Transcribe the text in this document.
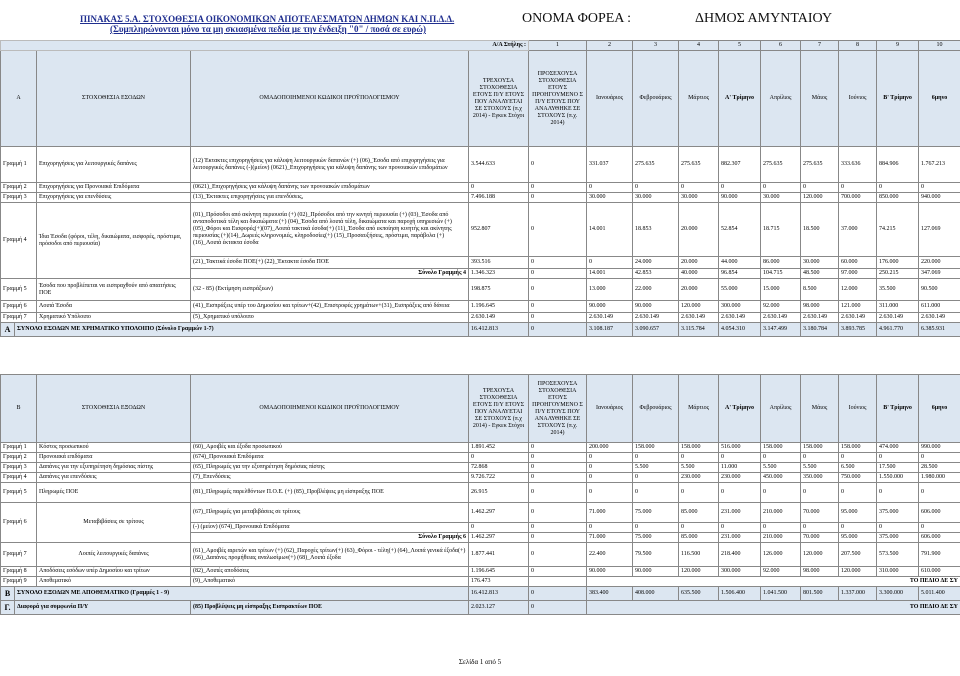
ΠΙΝΑΚΑΣ 5.Α. ΣΤΟΧΟΘΕΣΙΑ ΟΙΚΟΝΟΜΙΚΩΝ ΑΠΟΤΕΛΕΣΜΑΤΩΝ ΔΗΜΩΝ ΚΑΙ Ν.Π.Δ.Δ.
(Συμπληρώνονται μόνο τα μη σκιασμένα πεδία με την ένδειξη "0" / ποσά σε ευρώ)
ΟΝΟΜΑ ΦΟΡΕΑ :	ΔΗΜΟΣ ΑΜΥΝΤΑΙΟΥ
Α/Α Στήλης :					1	2	3	4	5	6	7	8	9	10
Α		ΣΤΟΧΟΘΕΣΙΑ ΕΣΟΔΩΝ	ΟΜΑΔΟΠΟΙΗΜΕΝΟΙ ΚΩΔΙΚΟΙ ΠΡΟΫΠΟΛΟΓΙΣΜΟΥ	ΤΡΕΧΟΥΣΑ ΣΤΟΧΟΘΕΣΙΑ ΕΤΟΥΣ Π/Υ ΕΤΟΥΣ ΠΟΥ ΑΝΑΛΥΕΤΑΙ ΣΕ ΣΤΟΧΟΥΣ (π.χ 2014) - Εγκεκ Στόχοι	ΠΡΟΣΕΧΟΥΣΑ ΣΤΟΧΟΘΕΣΙΑ ΕΤΟΥΣ ΠΡΟΗΓΟΥΜΕΝΟ Σ Π/Υ ΕΤΟΥΣ ΠΟΥ ΑΝΑΛΥΘΗΚΕ ΣΕ ΣΤΟΧΟΥΣ (π.χ. 2014)	Ιανουάριος	Φεβρουάριος	Μάρτιος	Α' Τρίμηνο	Απρίλιος	Μάιος	Ιούνιος	Β' Τρίμηνο	6μηνο
Γραμμή 1		Επιχορηγήσεις για λειτουργικές δαπάνες	(12) Έκτακτες επιχορηγήσεις για κάλυψη λειτουργικών δαπανών (+) (06)_Έσοδα από επιχορηγήσεις για λειτουργικές δαπάνες (-)(μείον) (0621)_Επιχορηγήσεις για κάλυψη δαπάνης των προνοιακών επιδομάτων	3.544.633	0	331.037	275.635	275.635	882.307	275.635	275.635	333.636	884.906	1.767.213
Γραμμή 2		Επιχορηγήσεις για Προνοιακά Επιδόματα	(0621)_Επιχορηγήσεις για κάλυψη δαπάνης των προνοιακών επιδομάτων	0	0	0	0	0	0	0	0	0	0	0
Γραμμή 3		Επιχορηγήσεις για επενδύσεις	(13)_Έκτακτες επιχορηγήσεις για επενδύσεις,	7.496.188	0	30.000	30.000	30.000	90.000	30.000	120.000	700.000	850.000	940.000
Γραμμή 4		Ίδια Έσοδα (φόροι, τέλη, δικαιώματα, εισφορές, πρόστιμα, πρόσοδοι από περιουσία)	(01)_Πρόσοδοι από ακίνητη περιουσία (+) (02)_Πρόσοδοι από την κινητή περιουσία (+) (03)_Έσοδα από ανταποδοτικά τέλη και δικαιώματα (+) (04)_Έσοδα από λοιπά τέλη, δικαιώματα και παροχή υπηρεσιών (+) (05)_Φόροι και Εισφορές(+)(07)_Λοιπά τακτικά έσοδα(+) (11)_Έσοδα από εκποίηση κινητής και ακίνητης περιουσίας (+)(14)_Δωρεές κληρονομιές, κληροδοσίες(+) (15)_Προσαυξήσεις, πρόστιμα, παράβολα (+) (16)_Λοιπά έκτακτα έσοδα	952.807	0	14.001	18.853	20.000	52.854	18.715	18.500	37.000	74.215	127.069
			(21)_Τακτικά έσοδα ΠΟΕ(+) (22)_Έκτακτα έσοδα ΠΟΕ	393.516	0	0	24.000	20.000	44.000	86.000	30.000	60.000	176.000	220.000
			Σύνολο Γραμμής 4	1.346.323	0	14.001	42.853	40.000	96.854	104.715	48.500	97.000	250.215	347.069
Γραμμή 5		Έσοδα που προβλέπεται να εισπραχθούν από απαιτήσεις ΠΟΕ	(32 - 85) (Εκτίμηση εισπράξεων)	198.875	0	13.000	22.000	20.000	55.000	15.000	8.500	12.000	35.500	90.500
Γραμμή 6		Λοιπά Έσοδα	(41)_Εισπράξεις υπέρ του Δημοσίου και τρίτων+(42)_Επιστροφές χρημάτων+(31)_Εισπράξεις από δάνεια	1.196.645	0	90.000	90.000	120.000	300.000	92.000	98.000	121.000	311.000	611.000
Γραμμή 7		Χρηματικό Υπόλοιπο	(5)_Χρηματικό υπόλοιπο	2.630.149	0	2.630.149	2.630.149	2.630.149	2.630.149	2.630.149	2.630.149	2.630.149	2.630.149	2.630.149
Α	ΣΥΝΟΛΟ ΕΣΟΔΩΝ ΜΕ ΧΡΗΜΑΤΙΚΟ ΥΠΟΛΟΙΠΟ (Σύνολο Γραμμών 1-7)			16.412.813	0	3.108.187	3.090.657	3.115.784	4.054.310	3.147.499	3.180.784	3.893.785	4.961.770	6.385.931
Β		ΣΤΟΧΟΘΕΣΙΑ ΕΞΟΔΩΝ	ΟΜΑΔΟΠΟΙΗΜΕΝΟΙ ΚΩΔΙΚΟΙ ΠΡΟΫΠΟΛΟΓΙΣΜΟΥ	ΤΡΕΧΟΥΣΑ ΣΤΟΧΟΘΕΣΙΑ ΕΤΟΥΣ Π/Υ ΕΤΟΥΣ ΠΟΥ ΑΝΑΛΥΕΤΑΙ ΣΕ ΣΤΟΧΟΥΣ (π.χ 2014) - Εγκεκ Στόχοι	ΠΡΟΣΕΧΟΥΣΑ ΣΤΟΧΟΘΕΣΙΑ ΕΤΟΥΣ ΠΡΟΗΓΟΥΜΕΝΟ Σ Π/Υ ΕΤΟΥΣ ΠΟΥ ΑΝΑΛΥΘΗΚΕ ΣΕ ΣΤΟΧΟΥΣ (π.χ. 2014)	Ιανουάριος	Φεβρουάριος	Μάρτιος	Α' Τρίμηνο	Απρίλιος	Μάιος	Ιούνιος	Β' Τρίμηνο	6μηνο
Γραμμή 1		Κόστος προσωπικού	(60)_Αμοιβές και έξοδα προσωπικού	1.891.452	0	200.000	158.000	158.000	516.000	158.000	158.000	158.000	474.000	990.000
Γραμμή 2		Προνοιακά επιδόματα	(674)_Προνοιακά Επιδόματα	0	0	0	0	0	0	0	0	0	0	0
Γραμμή 3		Δαπάνες για την εξυπηρέτηση δημόσιας πίστης	(65)_Πληρωμές για την εξυπηρέτηση δημόσιας πίστης	72.868	0	0	5.500	5.500	11.000	5.500	5.500	6.500	17.500	28.500
Γραμμή 4		Δαπάνες για επενδύσεις	(7)_Επενδύσεις	9.726.722	0	0	0	230.000	230.000	450.000	350.000	750.000	1.550.000	1.980.000
Γραμμή 5		Πληρωμές ΠΟΕ	(81)_Πληρωμές παρελθόντων Π.Ο.Ε. (+) (85)_Προβλέψεις μη είσπραξης ΠΟΕ	26.915	0	0	0	0	0	0	0	0	0	0
Γραμμή 6		Μεταβιβάσεις σε τρίτους	(67)_Πληρωμές για μεταβιβάσεις σε τρίτους	1.462.297	0	71.000	75.000	85.000	231.000	210.000	70.000	95.000	375.000	606.000
			(-) (μείον) (674)_Προνοιακά Επιδόματα	0	0	0	0	0	0	0	0	0	0	0
			Σύνολο Γραμμής 6	1.462.297	0	71.000	75.000	85.000	231.000	210.000	70.000	95.000	375.000	606.000
Γραμμή 7		Λοιπές λειτουργικές δαπάνες	(61)_Αμοιβές αιρετών και τρίτων (+) (62)_Παροχές τρίτων(+) (63)_Φόροι - τέλη(+) (64)_Λοιπά γενικά έξοδα(+) (66)_Δαπάνες προμήθειας αναλωσίμων(+) (68)_Λοιπά έξοδα	1.877.441	0	22.400	79.500	116.500	218.400	126.000	120.000	207.500	573.500	791.900
Γραμμή 8		Αποδόσεις εσόδων υπέρ Δημοσίου και τρίτων	(82)_Λοιπές αποδόσεις	1.196.645	0	90.000	90.000	120.000	300.000	92.000	98.000	120.000	310.000	610.000
Γραμμή 9		Αποθεματικό	(9)_Αποθεματικό	176.473		ΤΟ ΠΕΔΙΟ ΔΕ ΣΥ								
Β	ΣΥΝΟΛΟ ΕΞΟΔΩΝ ΜΕ ΑΠΟΘΕΜΑΤΙΚΟ (Γραμμές 1 - 9)			16.412.813	0	383.400	408.000	635.500	1.506.400	1.041.500	801.500	1.337.000	3.300.000	5.011.400
Γ.	Διαφορά για συμφωνία Π/Υ		(85) Προβλέψεις μη είσπραξης Εισπρακτέων ΠΟΕ	2.023.127	0	ΤΟ ΠΕΔΙΟ ΔΕ ΣΥ								
Σελίδα 1 από 5
